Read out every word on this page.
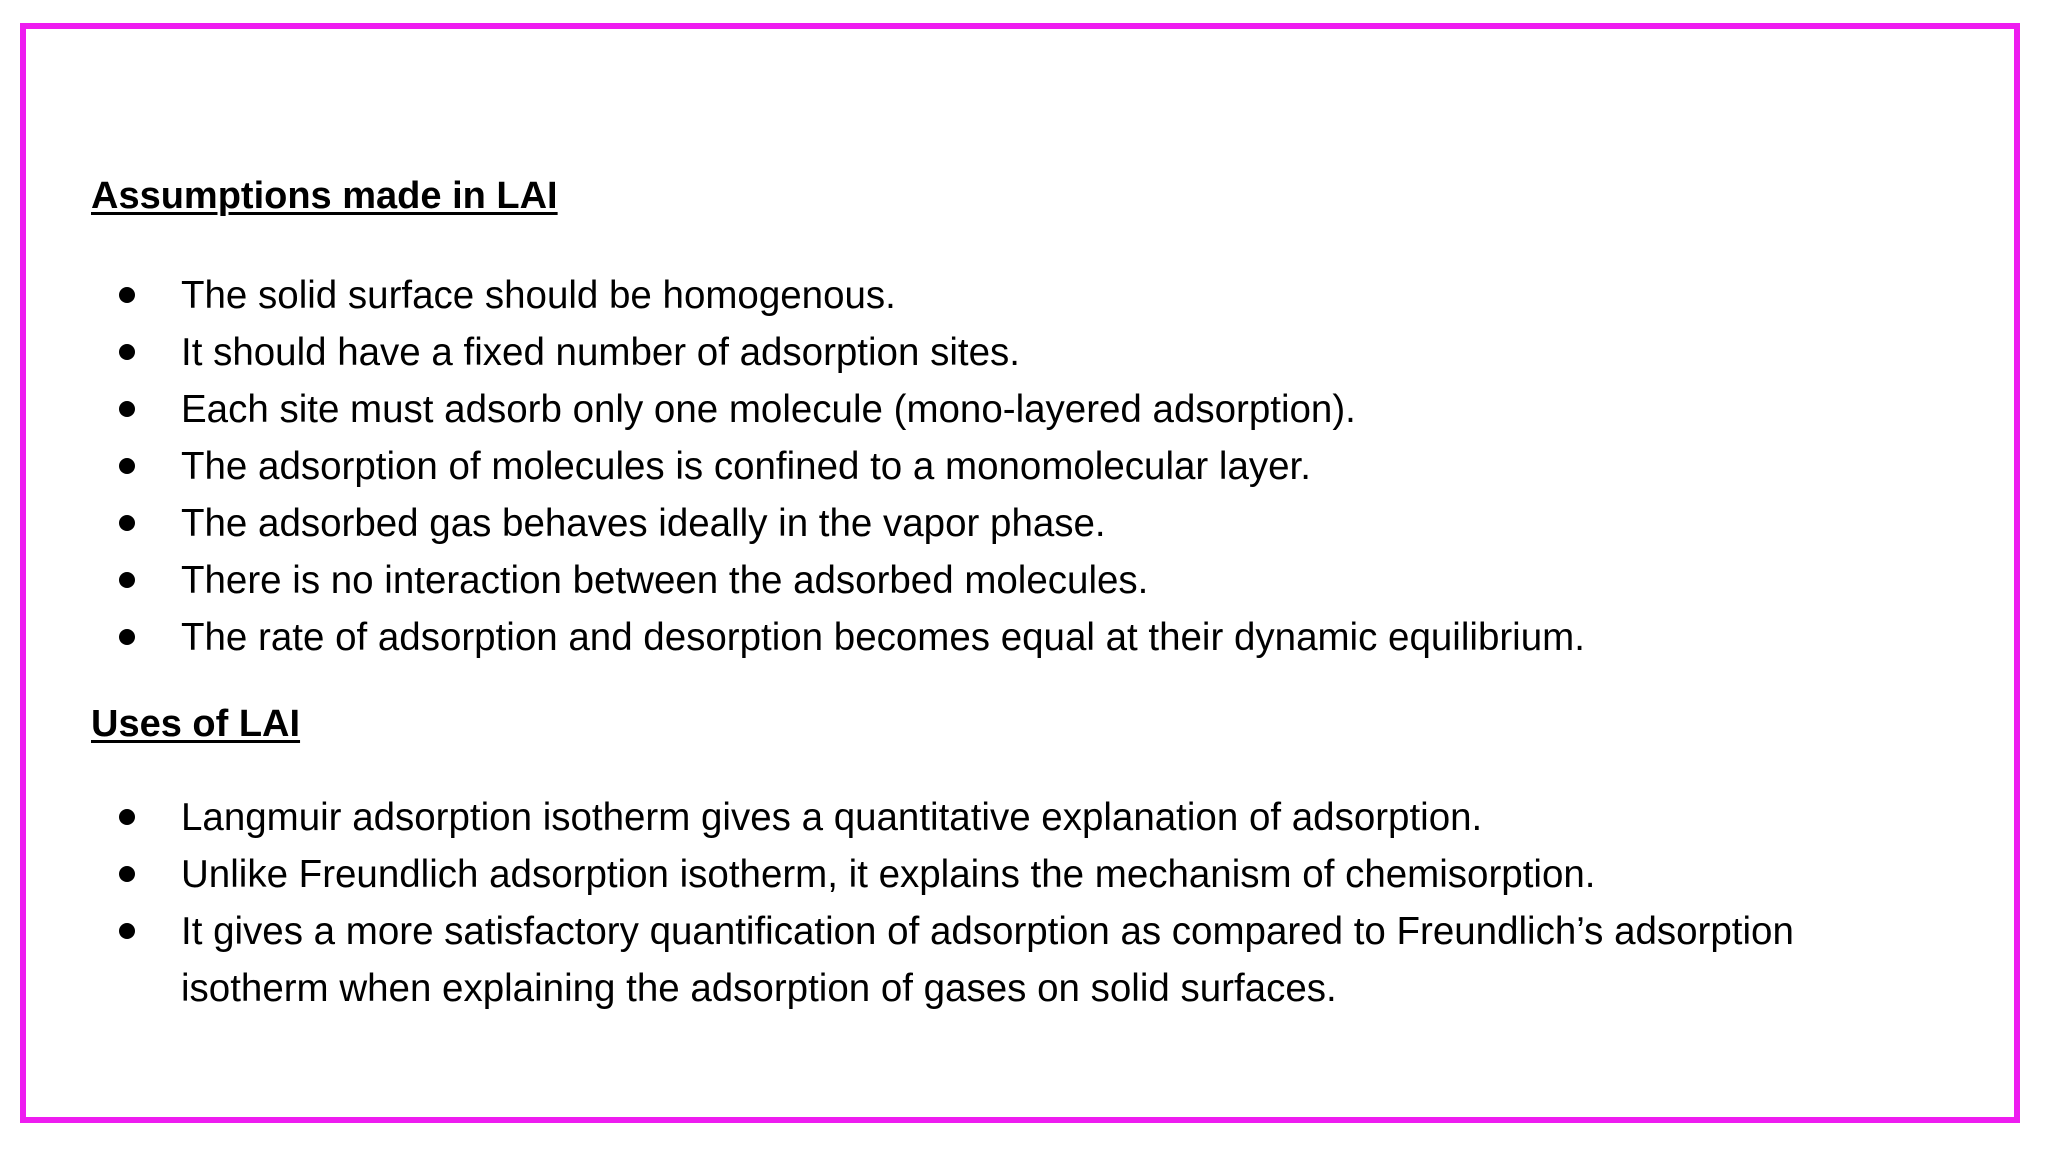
Assumptions made in LAI
The solid surface should be homogenous.
It should have a fixed number of adsorption sites.
Each site must adsorb only one molecule (mono-layered adsorption).
The adsorption of molecules is confined to a monomolecular layer.
The adsorbed gas behaves ideally in the vapor phase.
There is no interaction between the adsorbed molecules.
The rate of adsorption and desorption becomes equal at their dynamic equilibrium.
Uses of LAI
Langmuir adsorption isotherm gives a quantitative explanation of adsorption.
Unlike Freundlich adsorption isotherm, it explains the mechanism of chemisorption.
It gives a more satisfactory quantification of adsorption as compared to Freundlich’s adsorption isotherm when explaining the adsorption of gases on solid surfaces.
